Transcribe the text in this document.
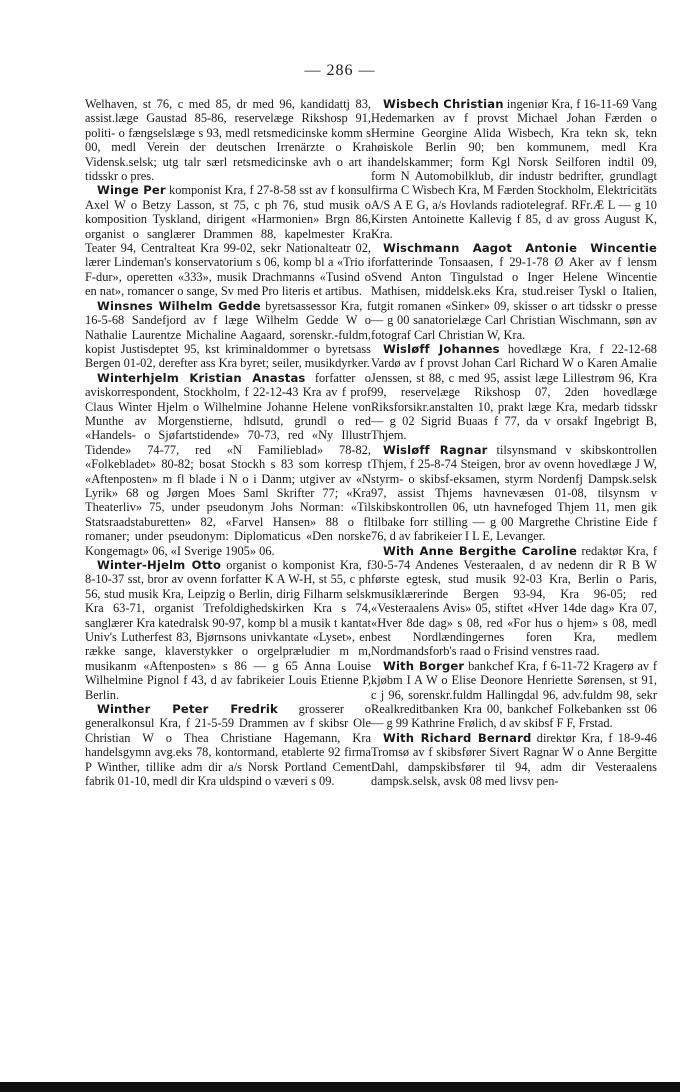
— 286 —

Welhaven, st 76, c med 85, dr med 96, kandidattj 83, assist.læge Gaustad 85-86, reservelæge Rikshosp 91, politi- o fængselslæge s 93, medl retsmedicinske komm s 00, medl Verein der deutschen Irrenärzte o Kra Vidensk.selsk; utg talr særl retsmedicinske avh o art i tidsskr o pres.

Winge Per komponist Kra, f 27-8-58 sst av f konsul Axel W o Betzy Lasson, st 75, c ph 76, stud musik o komposition Tyskland, dirigent «Harmonien» Brgn 86, organist o sanglærer Drammen 88, kapelmester Kra Teater 94, Centralteat Kra 99-02, sekr Nationalteatr 02, lærer Lindeman's konservatorium s 06, komp bl a «Trio i F-dur», operetten «333», musik Drachmanns «Tusind o en nat», romancer o sange, Sv med Pro literis et artibus.

Winsnes Wilhelm Gedde byretsassessor Kra, f 16-5-68 Sandefjord av f læge Wilhelm Gedde W o Nathalie Laurentze Michaline Aagaard, sorenskr.-fuldm, kopist Justisdeptet 95, kst kriminaldommer o byretsass Bergen 01-02, derefter ass Kra byret; seiler, musikdyrker.

Winterhjelm Kristian Anastas forfatter o aviskorrespondent, Stockholm, f 22-12-43 Kra av f prof Claus Winter Hjelm o Wilhelmine Johanne Helene von Munthe av Morgenstierne, hdlsutd, grundl o red «Handels- o Sjøfartstidende» 70-73, red «Ny Illustr Tidende» 74-77, red «N Familieblad» 78-82, «Folkebladet» 80-82; bosat Stockh s 83 som korresp t «Aftenposten» m fl blade i N o i Danm; utgiver av «N Lyrik» 68 og Jørgen Moes Saml Skrifter 77; «Kra Theaterliv» 75, under pseudonym Johs Norman: «Til Statsraadstaburetten» 82, «Farvel Hansen» 88 o fl romaner; under pseudonym: Diplomaticus «Den norske Kongemagt» 06, «I Sverige 1905» 06.

Winter-Hjelm Otto organist o komponist Kra, f 8-10-37 sst, bror av ovenn forfatter K A W-H, st 55, c ph 56, stud musik Kra, Leipzig o Berlin, dirig Filharm selsk Kra 63-71, organist Trefoldighedskirken Kra s 74, sanglærer Kra katedralsk 90-97, komp bl a musik t kantat Univ's Lutherfest 83, Bjørnsons univkantate «Lyset», en række sange, klaverstykker o orgelpræludier m m, musikanm «Aftenposten» s 86 — g 65 Anna Louise Wilhelmine Pignol f 43, d av fabrikeier Louis Etienne P, Berlin.

Winther Peter Fredrik grosserer o generalkonsul Kra, f 21-5-59 Drammen av f skibsr Ole Christian W o Thea Christiane Hagemann, Kra handelsgymn avg.eks 78, kontormand, etablerte 92 firma P Winther, tillike adm dir a/s Norsk Portland Cement fabrik 01-10, medl dir Kra uldspind o væveri s 09.

Wisbech Christian ingeniør Kra, f 16-11-69 Vang Hedemarken av f provst Michael Johan Færden o Hermine Georgine Alida Wisbech, Kra tekn sk, tekn høiskole Berlin 90; ben kommunem, medl Kra handelskammer; form Kgl Norsk Seilforen indtil 09, form N Automobilklub, dir industr bedrifter, grundlagt firma C Wisbech Kra, M Færden Stockholm, Elektricitäts A/S A E G, a/s Hovlands radiotelegraf. RFr.Æ L — g 10 Kirsten Antoinette Kallevig f 85, d av gross August K, Kra.

Wischmann Aagot Antonie Wincentie forfatterinde Tonsaasen, f 29-1-78 Ø Aker av f lensm Svend Anton Tingulstad o Inger Helene Wincentie Mathisen, middelsk.eks Kra, stud.reiser Tyskl o Italien, utgit romanen «Sinker» 09, skisser o art tidsskr o presse — g 00 sanatorielæge Carl Christian Wischmann, søn av fotograf Carl Christian W, Kra.

Wisløff Johannes hovedlæge Kra, f 22-12-68 Vardø av f provst Johan Carl Richard W o Karen Amalie Jenssen, st 88, c med 95, assist læge Lillestrøm 96, Kra 99, reservelæge Rikshosp 07, 2den hovedlæge Riksforsikr.anstalten 10, prakt læge Kra, medarb tidsskr — g 02 Sigrid Buaas f 77, da v orsakf Ingebrigt B, Thjem.

Wisløff Ragnar tilsynsmand v skibskontrollen Thjem, f 25-8-74 Steigen, bror av ovenn hovedlæge J W, styrm- o skibsf-eksamen, styrm Nordenfj Dampsk.selsk 97, assist Thjems havnevæsen 01-08, tilsynsm v skibskontrollen 06, utn havnefoged Thjem 11, men gik tilbake forr stilling — g 00 Margrethe Christine Eide f 76, d av fabrikeier I L E, Levanger.

With Anne Bergithe Caroline redaktør Kra, f 30-5-74 Andenes Vesteraalen, d av nedenn dir R B W første egtesk, stud musik 92-03 Kra, Berlin o Paris, musiklærerinde Bergen 93-94, Kra 96-05; red «Vesteraalens Avis» 05, stiftet «Hver 14de dag» Kra 07, «Hver 8de dag» s 08, red «For hus o hjem» s 08, medl best Nordlændingernes foren Kra, medlem Nordmandsforb's raad o Frisind venstres raad.

With Borger bankchef Kra, f 6-11-72 Kragerø av f kjøbm I A W o Elise Deonore Henriette Sørensen, st 91, c j 96, sorenskr.fuldm Hallingdal 96, adv.fuldm 98, sekr Realkreditbanken Kra 00, bankchef Folkebanken sst 06 — g 99 Kathrine Frølich, d av skibsf F F, Frstad.

With Richard Bernard direktør Kra, f 18-9-46 Tromsø av f skibsfører Sivert Ragnar W o Anne Bergitte Dahl, dampskibsfører til 94, adm dir Vesteraalens dampsk.selsk, avsk 08 med livsv pen-
